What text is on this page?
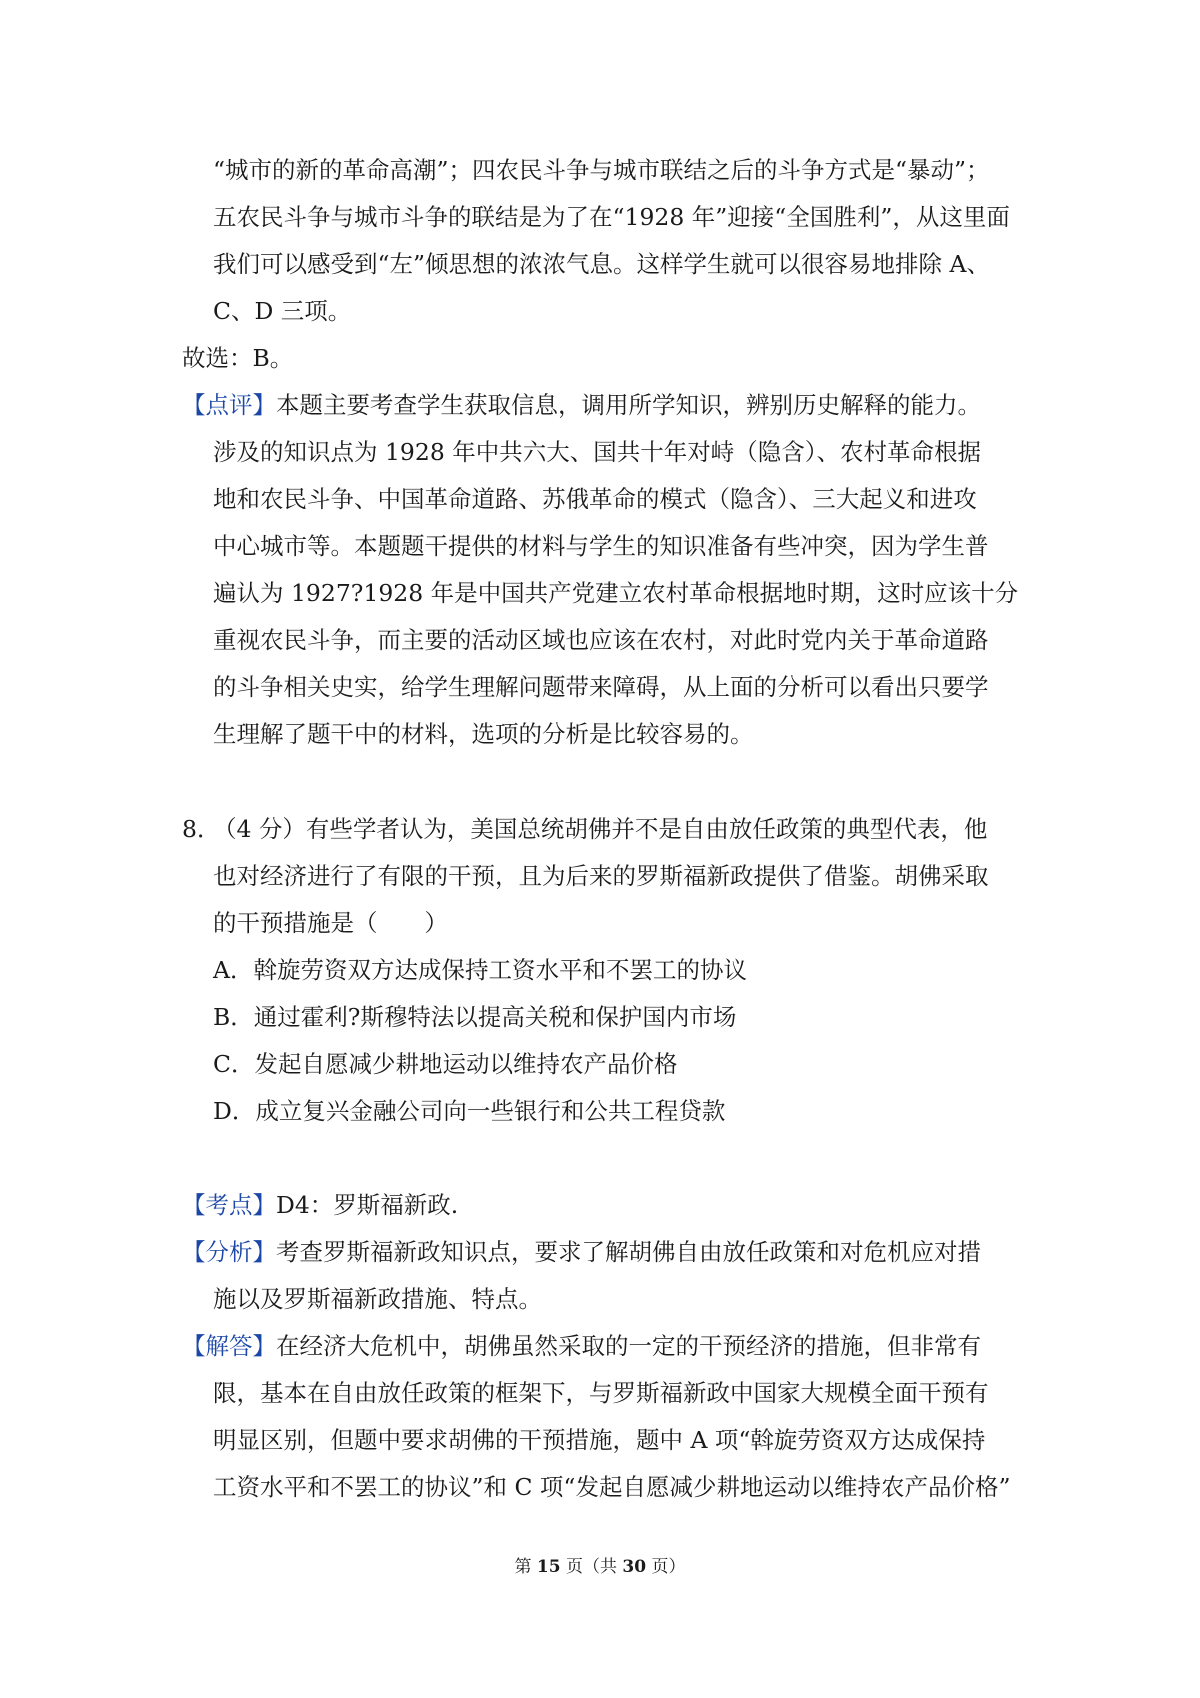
“城市的新的革命高潮”；四农民斗争与城市联结之后的斗争方式是“暴动”；
五农民斗争与城市斗争的联结是为了在“1928 年”迎接“全国胜利”，从这里面
我们可以感受到“左”倾思想的浓浓气息。这样学生就可以很容易地排除 A、
C、D 三项。
故选：B。
【点评】本题主要考查学生获取信息，调用所学知识，辨别历史解释的能力。
涉及的知识点为 1928 年中共六大、国共十年对峙（隐含）、农村革命根据
地和农民斗争、中国革命道路、苏俄革命的模式（隐含）、三大起义和进攻
中心城市等。本题题干提供的材料与学生的知识准备有些冲突，因为学生普
遍认为 1927?1928 年是中国共产党建立农村革命根据地时期，这时应该十分
重视农民斗争，而主要的活动区域也应该在农村，对此时党内关于革命道路
的斗争相关史实，给学生理解问题带来障碍，从上面的分析可以看出只要学
生理解了题干中的材料，选项的分析是比较容易的。
8．
（4 分）有些学者认为，美国总统胡佛并不是自由放任政策的典型代表，他
也对经济进行了有限的干预，且为后来的罗斯福新政提供了借鉴。胡佛采取
的干预措施是（　　）
A．斡旋劳资双方达成保持工资水平和不罢工的协议
B．通过霍利?斯穆特法以提高关税和保护国内市场
C．发起自愿减少耕地运动以维持农产品价格
D．成立复兴金融公司向一些银行和公共工程贷款
【考点】D4：罗斯福新政.
【分析】考查罗斯福新政知识点，要求了解胡佛自由放任政策和对危机应对措
施以及罗斯福新政措施、特点。
【解答】在经济大危机中，胡佛虽然采取的一定的干预经济的措施，但非常有
限，基本在自由放任政策的框架下，与罗斯福新政中国家大规模全面干预有
明显区别，但题中要求胡佛的干预措施，题中 A 项“斡旋劳资双方达成保持
工资水平和不罢工的协议”和 C 项“发起自愿减少耕地运动以维持农产品价格”
第 15 页（共 30 页）
